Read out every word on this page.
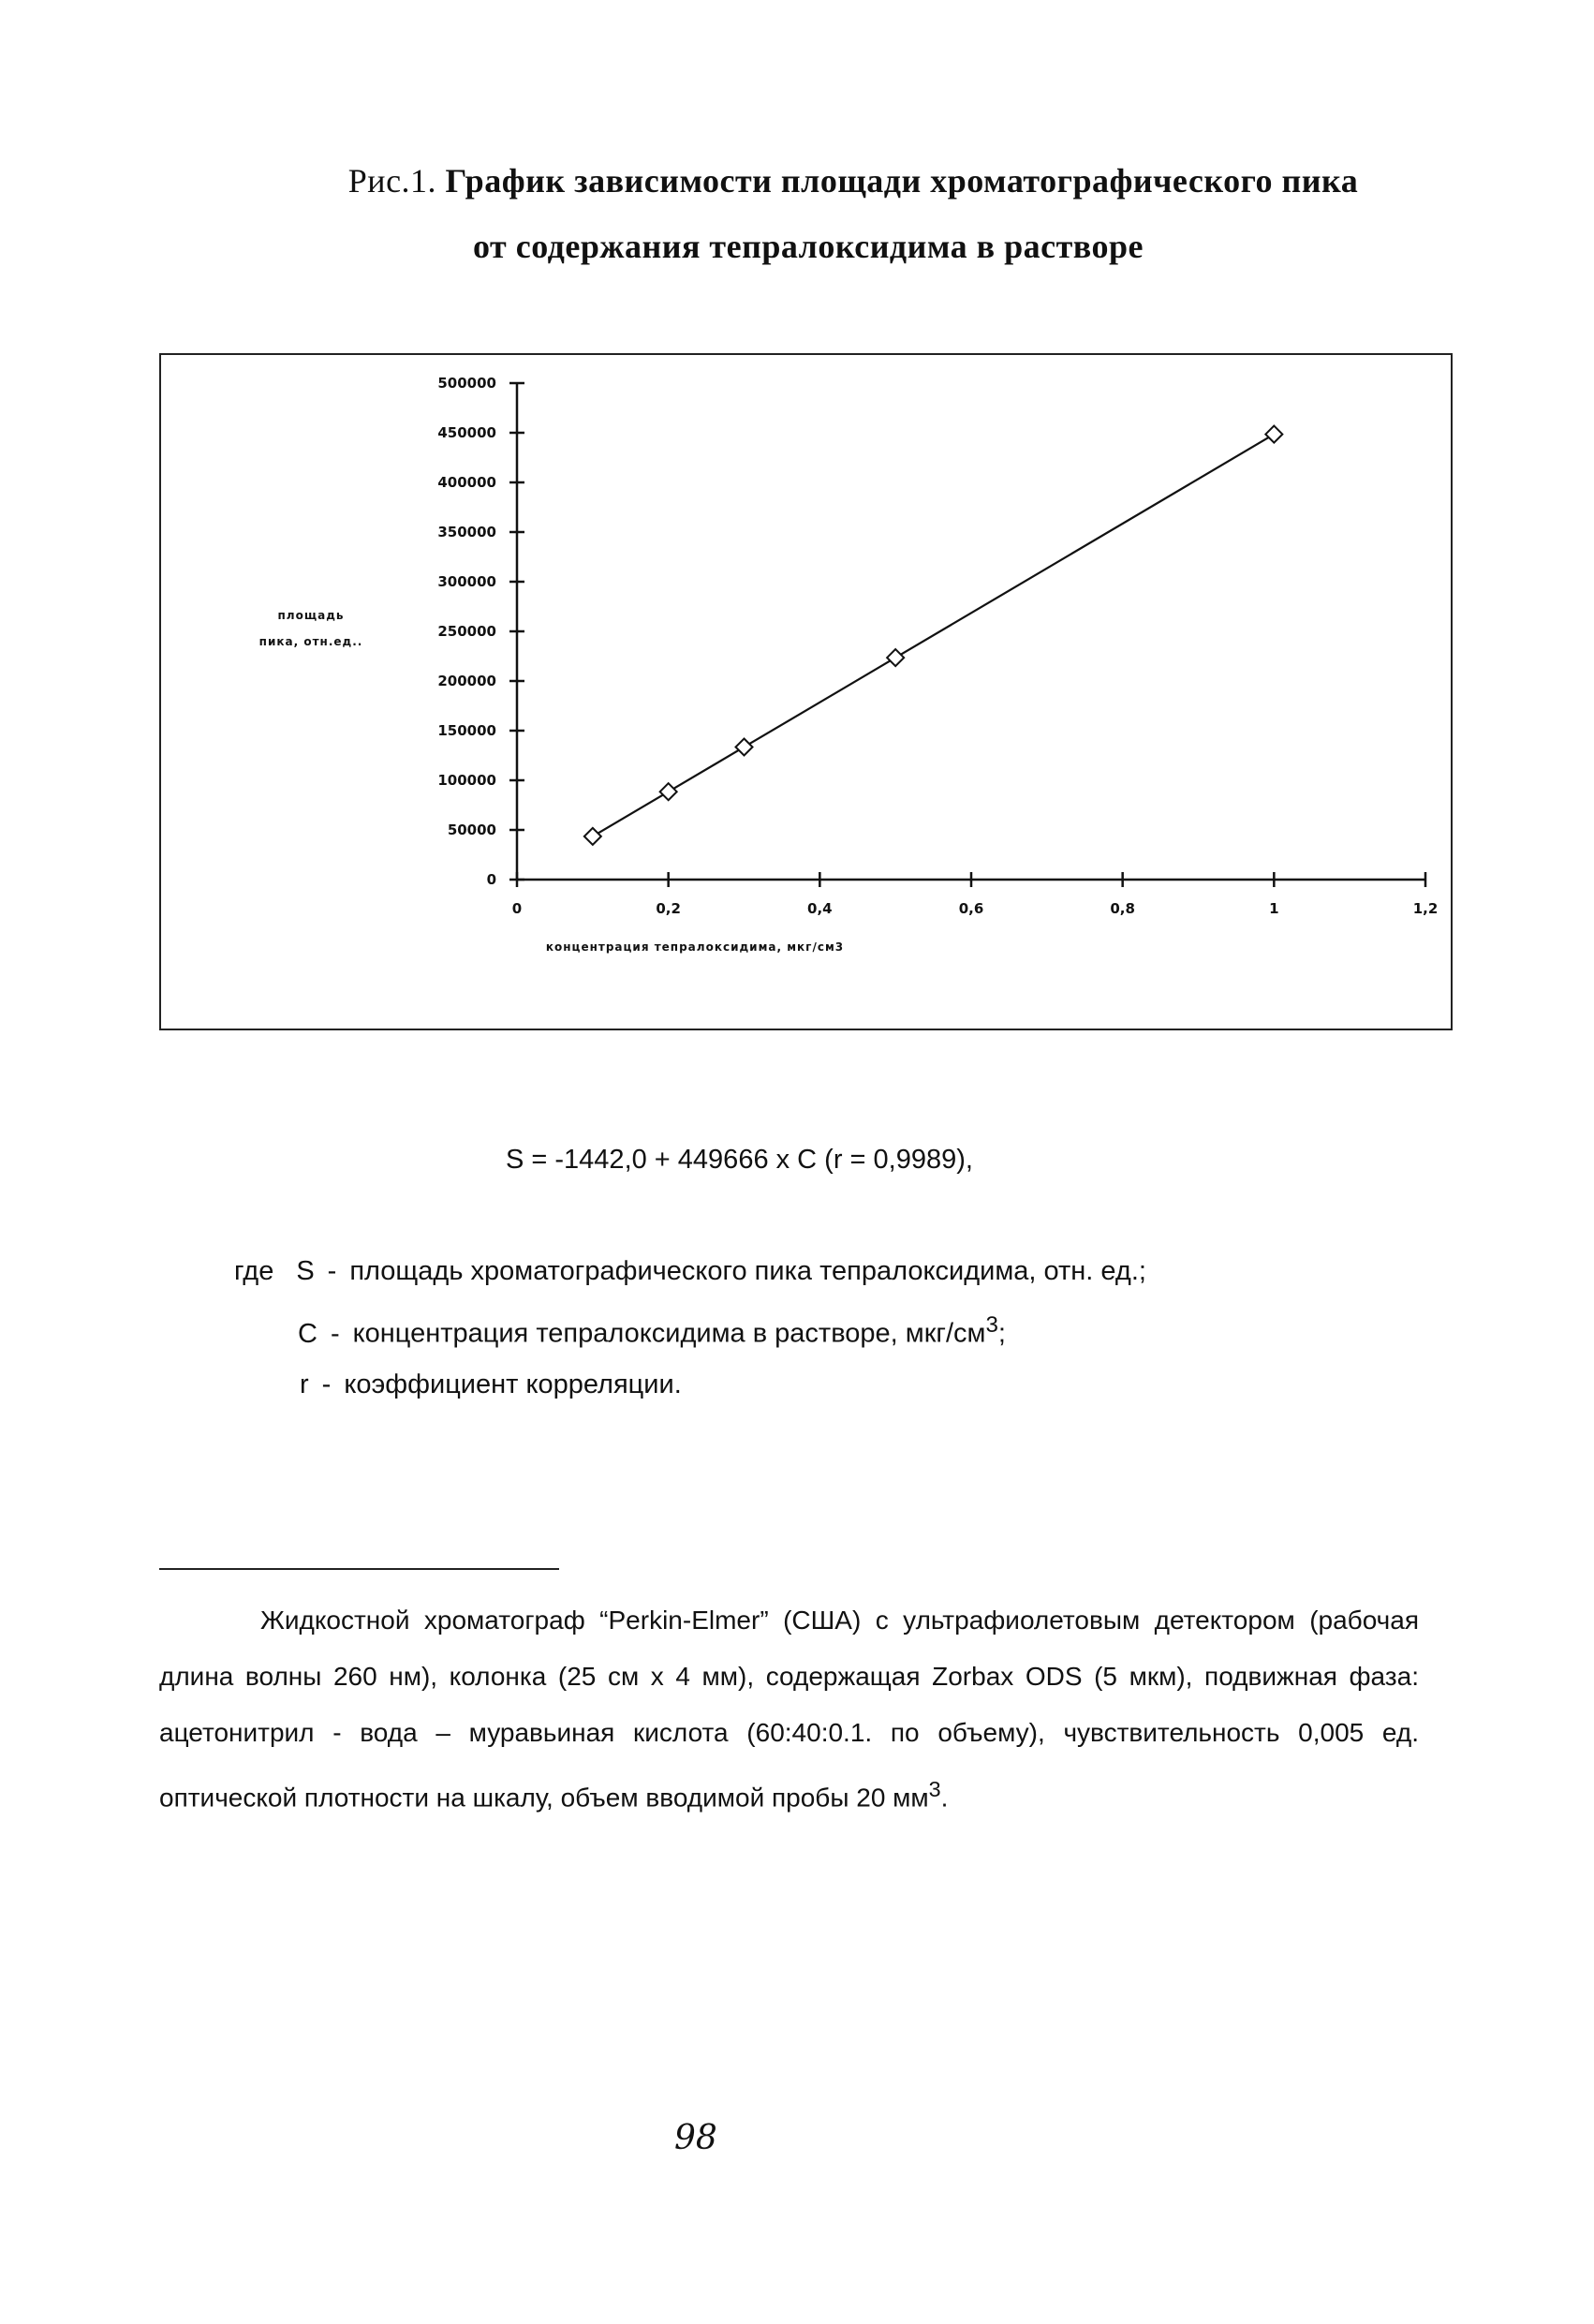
Рис.1. График зависимости площади хроматографического пика
от содержания тепралоксидима в растворе
площадь
пика, отн.ед..
концентрация тепралоксидима, мкг/см3
0
50000
100000
150000
200000
250000
300000
350000
400000
450000
500000
0	0,2	0,4	0,6	0,8	1	1,2
S = -1442,0 + 449666 x C (r = 0,9989),
где S - площадь хроматографического пика тепралоксидима, отн. ед.;
С - концентрация тепралоксидима в растворе, мкг/$см^3$;
r - коэффициент корреляции.
Жидкостной хроматограф “Perkin-Elmer” (США) с ультрафиолетовым детектором (рабочая длина волны 260 нм), колонка (25 см x 4 мм), содержащая Zorbax ODS (5 мкм), подвижная фаза: ацетонитрил - вода – муравьиная кислота (60:40:0.1. по объему), чувствительность 0,005 ед. оптической плотности на шкалу, объем вводимой пробы 20 $мм^3$.
98
